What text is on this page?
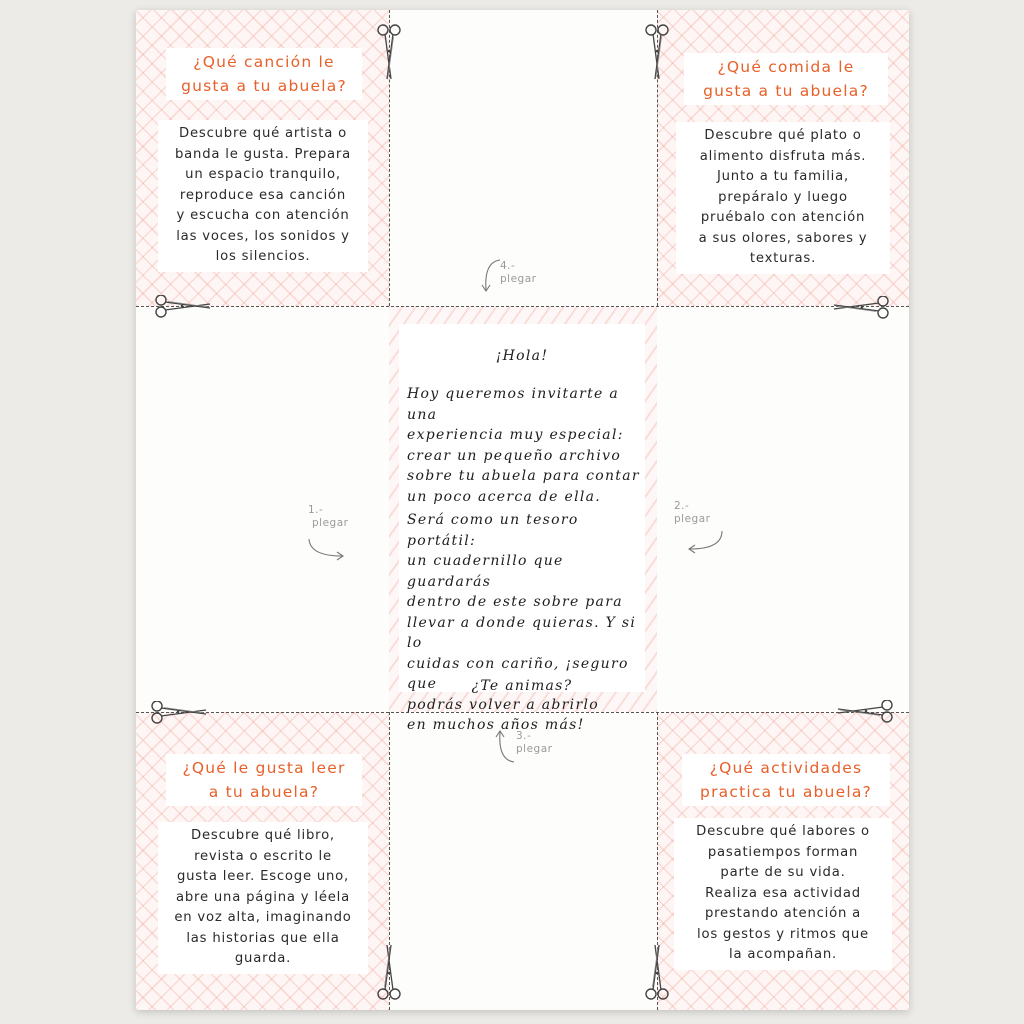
¡Hola!
Hoy queremos invitarte a una
experiencia muy especial:
crear un pequeño archivo
sobre tu abuela para contar
un poco acerca de ella.
Será como un tesoro portátil:
un cuadernillo que guardarás
dentro de este sobre para
llevar a donde quieras. Y si lo
cuidas con cariño, ¡seguro que
podrás volver a abrirlo
en muchos años más!
¿Te animas?
¿Qué canción le
gusta a tu abuela?
Descubre qué artista o
banda le gusta. Prepara
un espacio tranquilo,
reproduce esa canción
y escucha con atención
las voces, los sonidos y
los silencios.
¿Qué comida le
gusta a tu abuela?
Descubre qué plato o
alimento disfruta más.
Junto a tu familia,
prepáralo y luego
pruébalo con atención
a sus olores, sabores y
texturas.
¿Qué le gusta leer
a tu abuela?
Descubre qué libro,
revista o escrito le
gusta leer. Escoge uno,
abre una página y léela
en voz alta, imaginando
las historias que ella
guarda.
¿Qué actividades
practica tu abuela?
Descubre qué labores o
pasatiempos forman
parte de su vida.
Realiza esa actividad
prestando atención a
los gestos y ritmos que
la acompañan.
1.-
plegar
2.-
plegar
3.-
plegar
4.-
plegar
